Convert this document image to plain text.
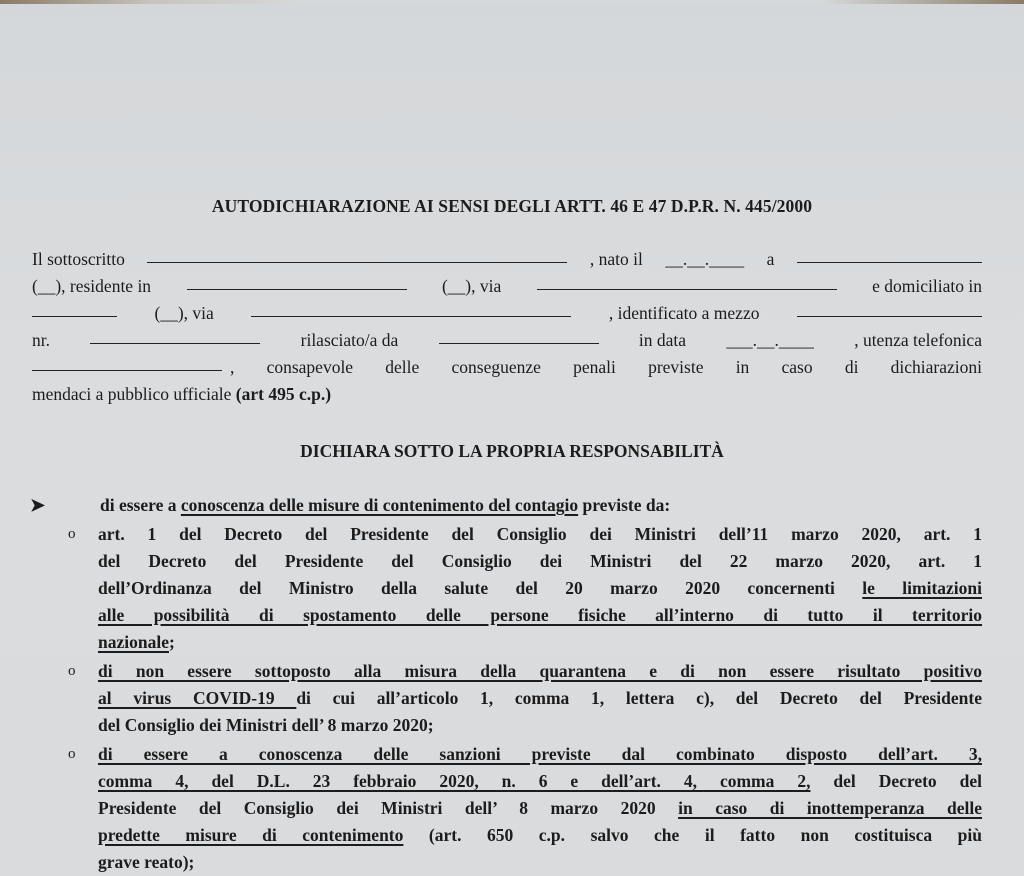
AUTODICHIARAZIONE AI SENSI DEGLI ARTT. 46 E 47 D.P.R. N. 445/2000
Il sottoscritto	, nato il __.__.____ a
(__), residente in	(__), via	e domiciliato in
(__), via	, identificato a mezzo
nr.	rilasciato/a da	in data ___.__.____ , utenza telefonica
, consapevole delle conseguenze penali previste in caso di dichiarazioni
mendaci a pubblico ufficiale (art 495 c.p.)
DICHIARA SOTTO LA PROPRIA RESPONSABILITÀ
➤	di essere a conoscenza delle misure di contenimento del contagio previste da:
o	art. 1 del Decreto del Presidente del Consiglio dei Ministri dell’11 marzo 2020, art. 1
del Decreto del Presidente del Consiglio dei Ministri del 22 marzo 2020, art. 1
dell’Ordinanza del Ministro della salute del 20 marzo 2020 concernenti le limitazioni
alle possibilità di spostamento delle persone fisiche all’interno di tutto il territorio
nazionale;
o	di non essere sottoposto alla misura della quarantena e di non essere risultato positivo
al virus COVID-19 di cui all’articolo 1, comma 1, lettera c), del Decreto del Presidente
del Consiglio dei Ministri dell’ 8 marzo 2020;
o	di essere a conoscenza delle sanzioni previste dal combinato disposto dell’art. 3,
comma 4, del D.L. 23 febbraio 2020, n. 6 e dell’art. 4, comma 2, del Decreto del
Presidente del Consiglio dei Ministri dell’ 8 marzo 2020 in caso di inottemperanza delle
predette misure di contenimento (art. 650 c.p. salvo che il fatto non costituisca più
grave reato);
